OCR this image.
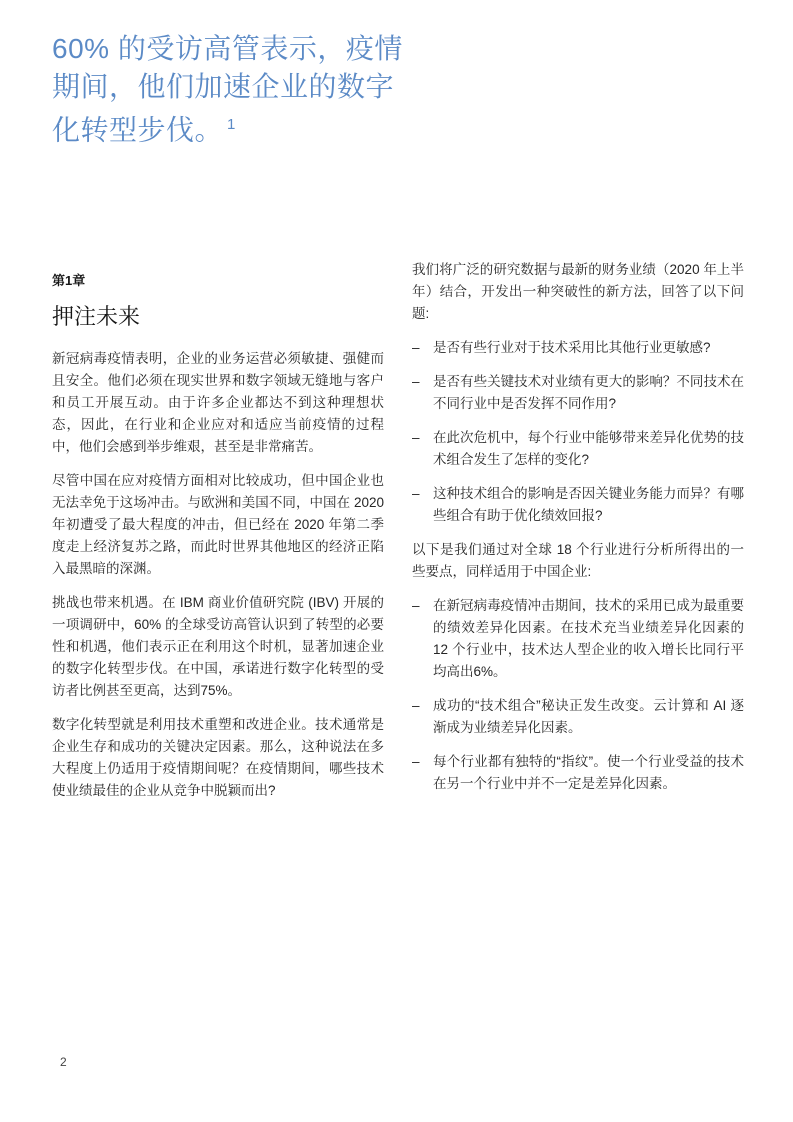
60% 的受访高管表示，疫情
期间，他们加速企业的数字
化转型步伐。 $^1$
第1章
押注未来

新冠病毒疫情表明，企业的业务运营必须敏捷、强健而且安全。他们必须在现实世界和数字领域无缝地与客户和员工开展互动。由于许多企业都达不到这种理想状态，因此，在行业和企业应对和适应当前疫情的过程中，他们会感到举步维艰，甚至是非常痛苦。

尽管中国在应对疫情方面相对比较成功，但中国企业也无法幸免于这场冲击。与欧洲和美国不同，中国在 2020 年初遭受了最大程度的冲击，但已经在 2020 年第二季度走上经济复苏之路，而此时世界其他地区的经济正陷入最黑暗的深渊。

挑战也带来机遇。在 IBM 商业价值研究院 (IBV) 开展的一项调研中，60% 的全球受访高管认识到了转型的必要性和机遇，他们表示正在利用这个时机，显著加速企业的数字化转型步伐。在中国，承诺进行数字化转型的受访者比例甚至更高，达到75%。

数字化转型就是利用技术重塑和改进企业。技术通常是企业生存和成功的关键决定因素。那么，这种说法在多大程度上仍适用于疫情期间呢？在疫情期间，哪些技术使业绩最佳的企业从竞争中脱颖而出?

我们将广泛的研究数据与最新的财务业绩（2020 年上半年）结合，开发出一种突破性的新方法，回答了以下问题:

– 是否有些行业对于技术采用比其他行业更敏感?
– 是否有些关键技术对业绩有更大的影响？不同技术在不同行业中是否发挥不同作用?
– 在此次危机中，每个行业中能够带来差异化优势的技术组合发生了怎样的变化?
– 这种技术组合的影响是否因关键业务能力而异？有哪些组合有助于优化绩效回报?

以下是我们通过对全球 18 个行业进行分析所得出的一些要点，同样适用于中国企业:

– 在新冠病毒疫情冲击期间，技术的采用已成为最重要的绩效差异化因素。在技术充当业绩差异化因素的 12 个行业中，技术达人型企业的收入增长比同行平均高出6%。
– 成功的“技术组合”秘诀正发生改变。云计算和 AI 逐渐成为业绩差异化因素。
– 每个行业都有独特的“指纹”。使一个行业受益的技术在另一个行业中并不一定是差异化因素。
2
